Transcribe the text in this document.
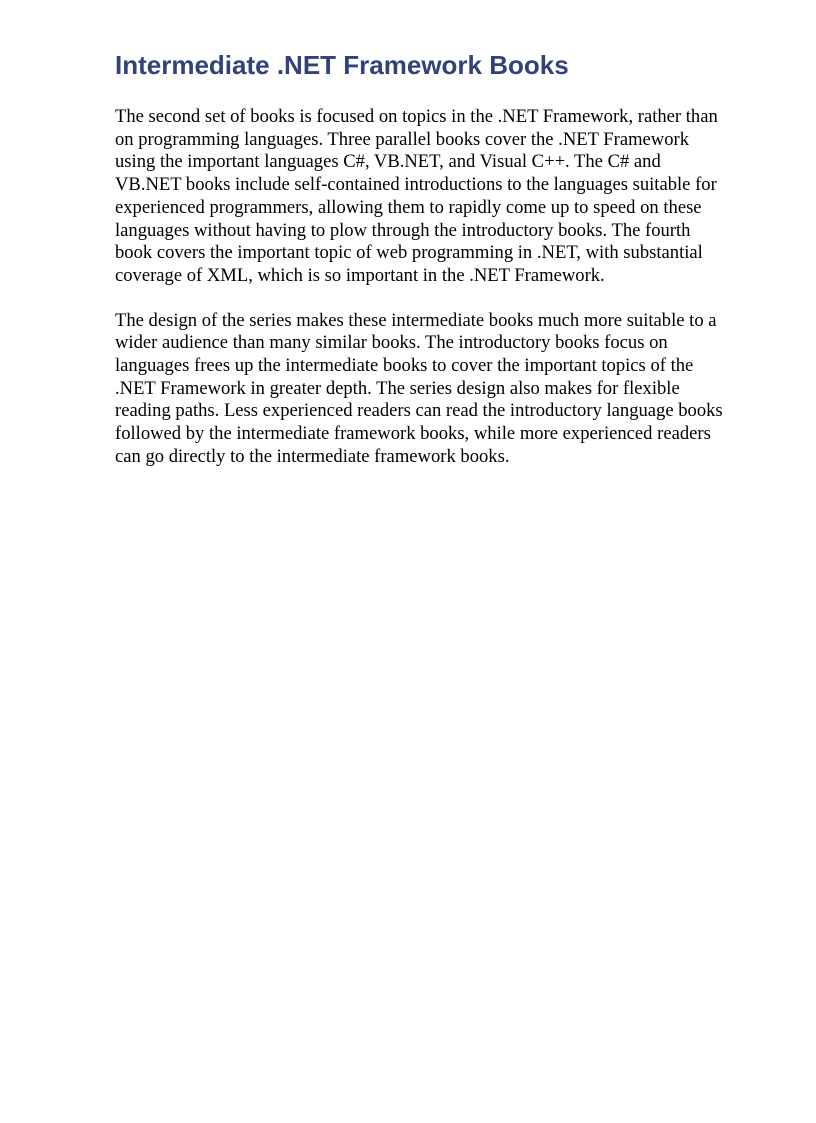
Intermediate .NET Framework Books

The second set of books is focused on topics in the .NET Framework, rather than
on programming languages. Three parallel books cover the .NET Framework
using the important languages C#, VB.NET, and Visual C++. The C# and
VB.NET books include self-contained introductions to the languages suitable for
experienced programmers, allowing them to rapidly come up to speed on these
languages without having to plow through the introductory books. The fourth
book covers the important topic of web programming in .NET, with substantial
coverage of XML, which is so important in the .NET Framework.

The design of the series makes these intermediate books much more suitable to a
wider audience than many similar books. The introductory books focus on
languages frees up the intermediate books to cover the important topics of the
.NET Framework in greater depth. The series design also makes for flexible
reading paths. Less experienced readers can read the introductory language books
followed by the intermediate framework books, while more experienced readers
can go directly to the intermediate framework books.
